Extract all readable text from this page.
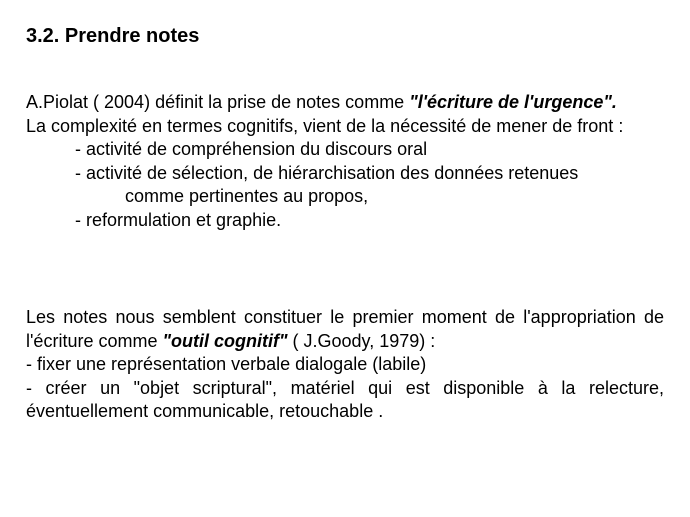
3.2. Prendre notes
A.Piolat ( 2004) définit la prise de notes comme "l'écriture de l'urgence".
La complexité en termes cognitifs, vient de la nécessité de mener de front :
- activité de compréhension du discours oral
- activité de sélection, de hiérarchisation des données retenues
comme pertinentes au propos,
- reformulation et graphie.
Les notes nous semblent constituer le premier moment de l'appropriation de l'écriture comme "outil cognitif" ( J.Goody, 1979) :
- fixer une représentation verbale dialogale (labile)
- créer un "objet scriptural", matériel qui est disponible à la relecture, éventuellement communicable, retouchable .
